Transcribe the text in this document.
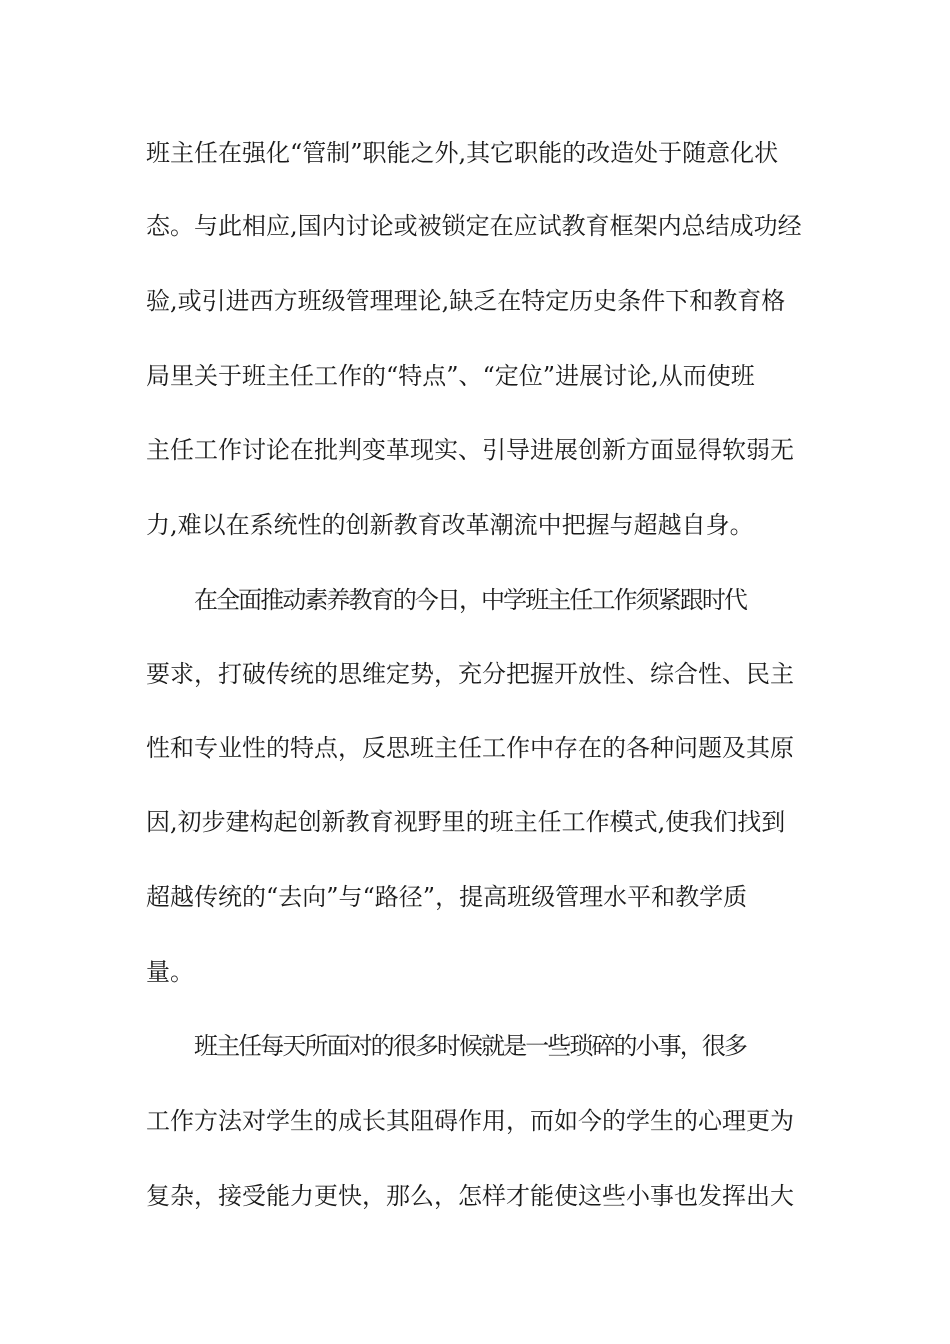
班主任在强化“管制”职能之外,其它职能的改造处于随意化状
态。与此相应,国内讨论或被锁定在应试教育框架内总结成功经
验,或引进西方班级管理理论,缺乏在特定历史条件下和教育格
局里关于班主任工作的“特点”、“定位”进展讨论,从而使班
主任工作讨论在批判变革现实、引导进展创新方面显得软弱无
力,难以在系统性的创新教育改革潮流中把握与超越自身。
在全面推动素养教育的今日，中学班主任工作须紧跟时代
要求，打破传统的思维定势，充分把握开放性、综合性、民主
性和专业性的特点，反思班主任工作中存在的各种问题及其原
因,初步建构起创新教育视野里的班主任工作模式,使我们找到
超越传统的“去向”与“路径”，提高班级管理水平和教学质
量。
班主任每天所面对的很多时候就是一些琐碎的小事，很多
工作方法对学生的成长其阻碍作用，而如今的学生的心理更为
复杂，接受能力更快，那么，怎样才能使这些小事也发挥出大
